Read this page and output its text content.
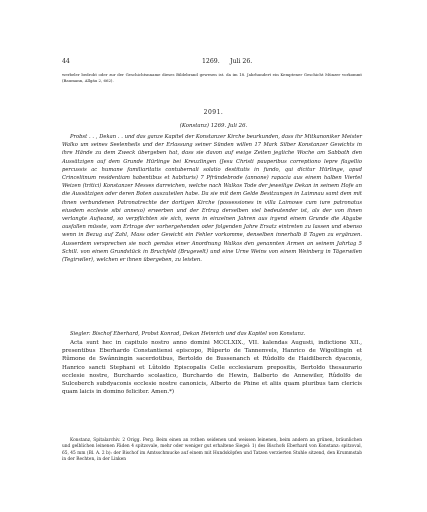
44	1269. Juli 26.
werbeler bedroht oder zur der Geschichtsnname dieses Bildebrand gewesen ist. da im 18. Jahrhundert ein Kemptener Geschicht Münzer vorkommt (Baumann, Allgäu 2, 662).
2091.
(Konstanz) 1269. Juli 26.

Probst . . , Dekan . . und das ganze Kapitel der Konstanzer Kirche beurkunden, dass ihr Mitkanoniker Meister Walko um seines Seelenheils und der Erlassung seiner Sünden willen 17 Mark Silber Konstanzer Gewichts in ihre Hände zu dem Zweck übergeben hat, dass sie davon auf ewige Zeiten jegliche Woche am Sabbath den Aussätzigen auf dem Grunde Hürlinge bei Kreuzlingen (Jesu Christi pauperibus correptiono lepre flagellio percussis ac humane familiaritatis contubernali solatio destitutis in fundo, qui dicitur Hürlinge, apud Crinceliinum residentiam habentibus et habituris) 7 Pfründebrode (annone) rapacia aus einem halben Viertel Weizen (tritici) Konstanzer Messes darreichen, welche nach Walkos Tode der jeweilige Dekan in seinem Hofe an die Aussätzigen oder deren Boten auszuteilen habe. Da sie mit dem Gelde Besitzungen in Laimnau samt dem mit ihnen verbundenen Patronatrechte der dortigen Kirche (possessiones in villa Laimowe cum iure patronatus eiusdem ecclesie sibi annexo) erwerben und der Ertrag derselben viel bedeutender ist, als der von ihnen verlangte Aufwand, so verpflichten sie sich, wenn in einzelnen Jahren aus irgend einem Grunde die Abgabe ausfallen müsste, vom Ertrage der vorhergehenden oder folgenden Jahre Ersatz eintreten zu lassen und ebenso wenn in Bezug auf Zahl, Mass oder Gewicht ein Fehler vorkomme, denselben innerhalb 8 Tagen zu ergänzen. Ausserdem versprechen sie noch gemäss einer Anordnung Walkos den genannten Armen an seinem Jahrtag 5 Schill. von einem Grundstück in Bruchfeld (Brugevelt) und eine Urne Weins von einem Weinberg in Tägerwilen (Tegirwiler), welchen er ihnen übergeben, zu leisten.

Siegler: Bischof Eberhard, Probst Konrad, Dekan Heinrich und das Kapitel von Konstanz.

Acta sunt hec in capitulo nostro anno domini MCCLXIX., VII. kalendas Augusti, indictione XII., presentibus Eberhardo Constantiensi episcopo, Rûperto de Tannenvels, Hanrico de Wigoltingin et Rûmone de Swânningin sacerdotibus, Bertoldo de Bussenanch et Rûdolfo de Haidilberch dyaconis, Hanrico sancti Stephani et Lûtoldo Episcopalis Celle ecclesiarum prepositis, Bertoldo thesaurario ecclesie nostre, Burchardo scolastico, Burchardo de Hewin, Balberto de Annewiler, Rûdolfo de Sulceberch subdyaconis ecclesie nostre canonicis, Alberto de Phine et aliis quam pluribus tam clericis quam laicis in domino feliciter. Amen.*)

Konstanz, Spitalarchiv. 2 Origg. Perg. Beim einen an rothen seidenen und weissen leinenen, beim andern an grünen, bräunlichen und gelblichen leinenen Fäden 4 spitzovale, mehr oder weniger gut erhaltene Siegel: 1) des Bischofs Eberhard von Konstanz: spitzoval, 65, 45 mm (Bl. A. 2 b): der Bischof im Amtsschmucke auf einem mit Hundsköpfen und Tatzen verzierten Stuhle sitzend, den Krummstab in der Rechten, in der Linken
